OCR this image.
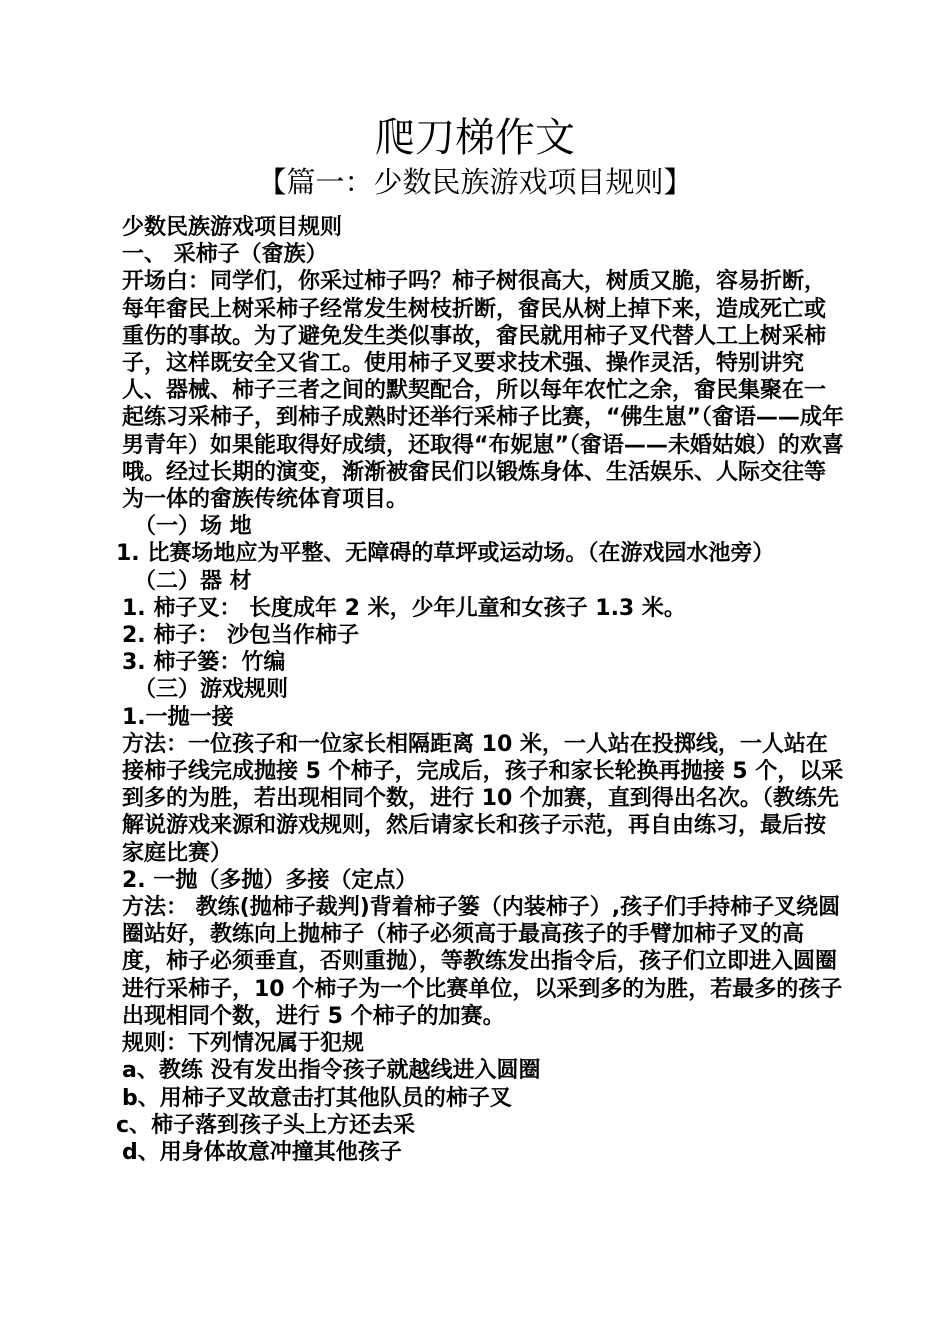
爬刀梯作文
【篇一：少数民族游戏项目规则】

少数民族游戏项目规则

一、 采柿子（畲族）

开场白：同学们，你采过柿子吗？柿子树很高大，树质又脆，容易折断，每年畲民上树采柿子经常发生树枝折断，畲民从树上掉下来，造成死亡或重伤的事故。为了避免发生类似事故，畲民就用柿子叉代替人工上树采柿子，这样既安全又省工。使用柿子叉要求技术强、操作灵活，特别讲究人、器械、柿子三者之间的默契配合，所以每年农忙之余，畲民集聚在一起练习采柿子，到柿子成熟时还举行采柿子比赛，“佛生崽”（畲语——成年男青年）如果能取得好成绩，还取得“布妮崽”（畲语——未婚姑娘）的欢喜哦。经过长期的演变，渐渐被畲民们以锻炼身体、生活娱乐、人际交往等为一体的畲族传统体育项目。

（一）场 地

1. 比赛场地应为平整、无障碍的草坪或运动场。（在游戏园水池旁）

（二）器 材

1. 柿子叉： 长度成年 2 米，少年儿童和女孩子 1.3 米。

2. 柿子： 沙包当作柿子

3. 柿子篓：竹编

（三）游戏规则

1.一抛一接

方法：一位孩子和一位家长相隔距离 10 米，一人站在投掷线，一人站在接柿子线完成抛接 5 个柿子，完成后，孩子和家长轮换再抛接 5 个，以采到多的为胜，若出现相同个数，进行 10 个加赛，直到得出名次。（教练先解说游戏来源和游戏规则，然后请家长和孩子示范，再自由练习，最后按家庭比赛）

2. 一抛（多抛）多接（定点）

方法： 教练(抛柿子裁判)背着柿子篓（内装柿子）,孩子们手持柿子叉绕圆圈站好，教练向上抛柿子（柿子必须高于最高孩子的手臂加柿子叉的高度，柿子必须垂直，否则重抛），等教练发出指令后，孩子们立即进入圆圈进行采柿子，10 个柿子为一个比赛单位，以采到多的为胜，若最多的孩子出现相同个数，进行 5 个柿子的加赛。

规则：下列情况属于犯规

a、教练 没有发出指令孩子就越线进入圆圈

b、用柿子叉故意击打其他队员的柿子叉

c、柿子落到孩子头上方还去采

d、用身体故意冲撞其他孩子
